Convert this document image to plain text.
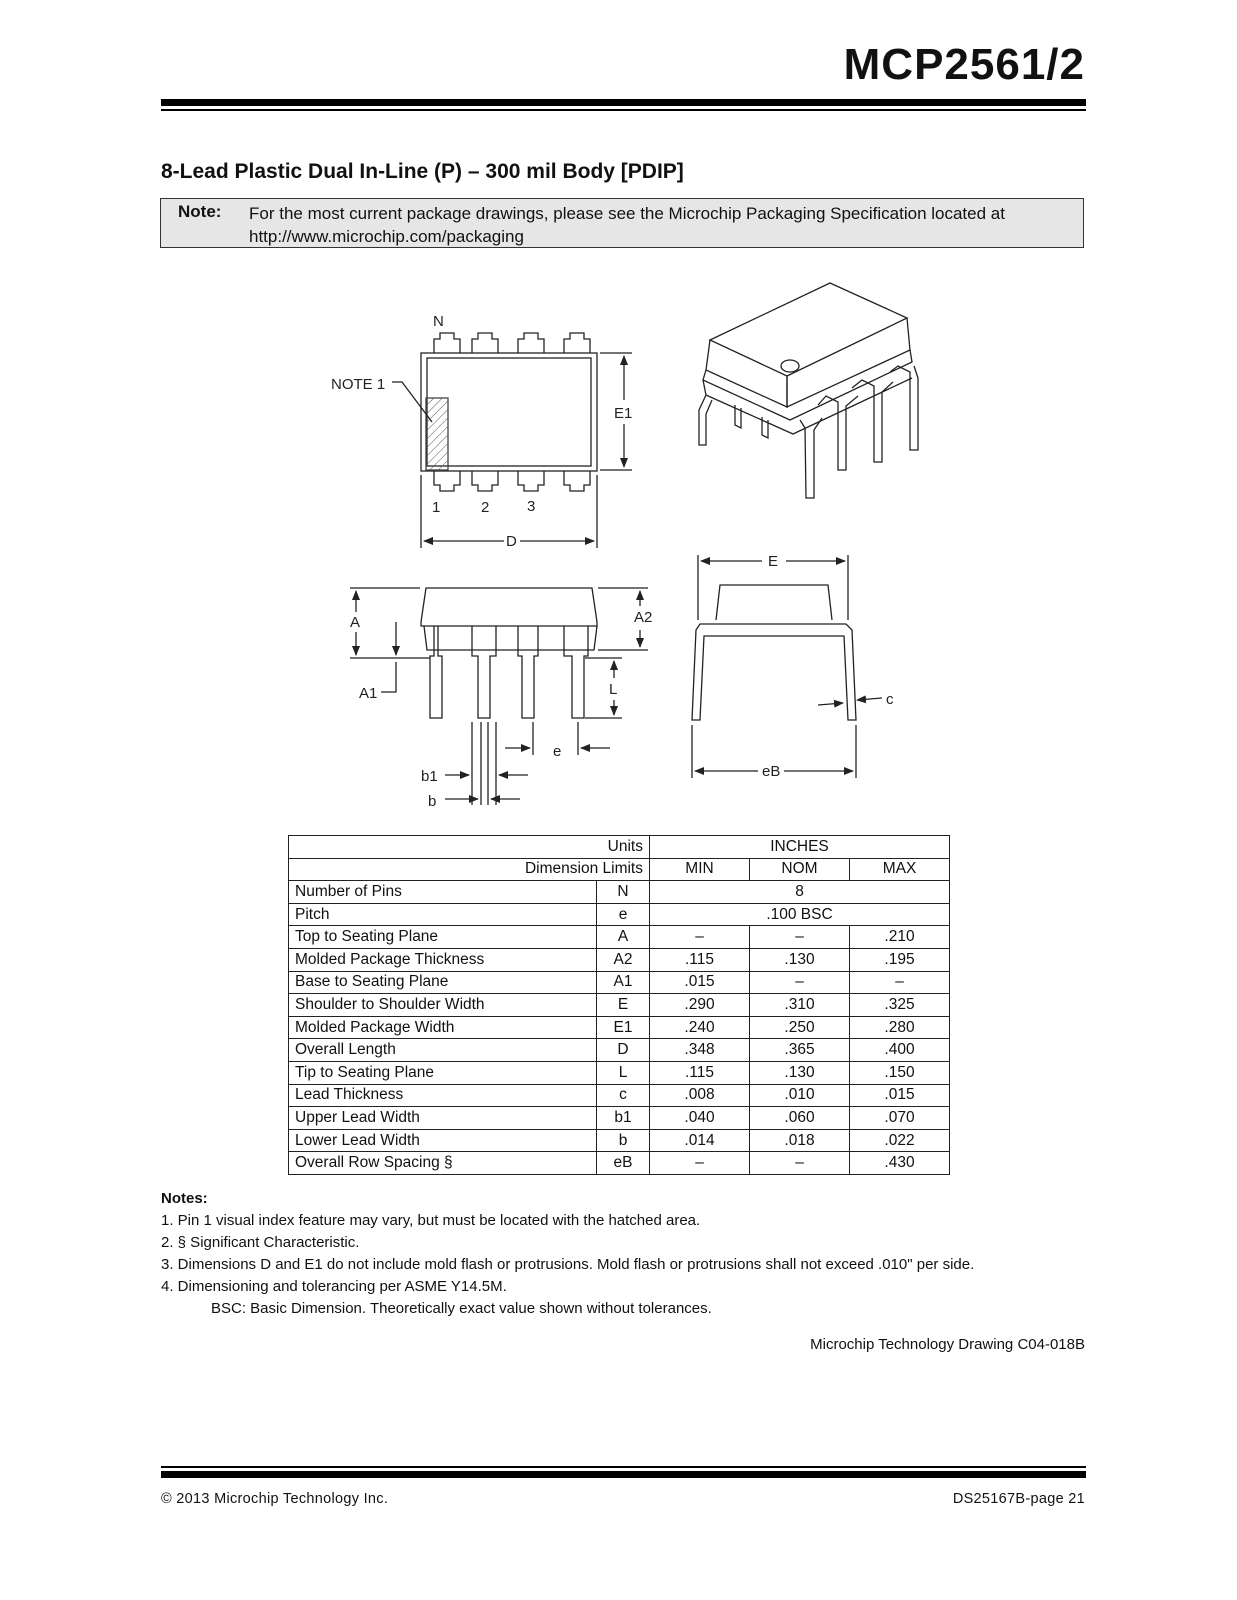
MCP2561/2
8-Lead Plastic Dual In-Line (P) – 300 mil Body [PDIP]
Note: For the most current package drawings, please see the Microchip Packaging Specification located at http://www.microchip.com/packaging
N
NOTE 1
E1
1	2	3
D
E
A	A2
A1	L
e
b1
b
c
eB
Units		INCHES		
Dimension Limits		MIN	NOM	MAX
Number of Pins	N	8		
Pitch	e	.100 BSC		
Top to Seating Plane	A	–	–	.210
Molded Package Thickness	A2	.115	.130	.195
Base to Seating Plane	A1	.015	–	–
Shoulder to Shoulder Width	E	.290	.310	.325
Molded Package Width	E1	.240	.250	.280
Overall Length	D	.348	.365	.400
Tip to Seating Plane	L	.115	.130	.150
Lead Thickness	c	.008	.010	.015
Upper Lead Width	b1	.040	.060	.070
Lower Lead Width	b	.014	.018	.022
Overall Row Spacing §	eB	–	–	.430
Notes:
1. Pin 1 visual index feature may vary, but must be located with the hatched area.
2. § Significant Characteristic.
3. Dimensions D and E1 do not include mold flash or protrusions. Mold flash or protrusions shall not exceed .010" per side.
4. Dimensioning and tolerancing per ASME Y14.5M.
BSC: Basic Dimension. Theoretically exact value shown without tolerances.
Microchip Technology Drawing C04-018B
© 2013 Microchip Technology Inc.	DS25167B-page 21
